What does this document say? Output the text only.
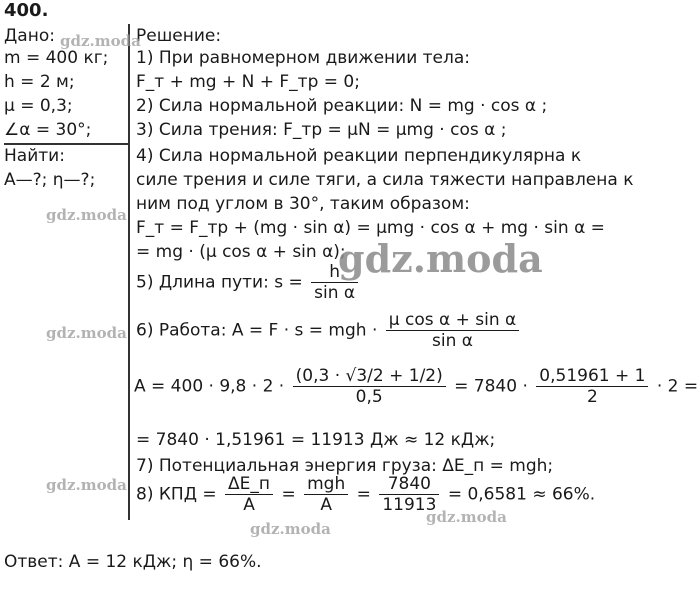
400.
Дано:
m = 400 кг;
h = 2 м;
μ = 0,3;
∠α = 30°;
Найти:
A—?; η—?;
Решение:
1) При равномерном движении тела:
F_т + mg + N + F_тр = 0;
2) Сила нормальной реакции: N = mg · cos α ;
3) Сила трения: F_тр = μN = μmg · cos α ;
4) Сила нормальной реакции перпендикулярна к
силе трения и силе тяги, а сила тяжести направлена к
ним под углом в 30°, таким образом:
F_т = F_тр + (mg · sin α) = μmg · cos α + mg · sin α =
= mg · (μ cos α + sin α);
5) Длина пути: $s = \frac{h}{\text{sin α}}$
6) Работа: A = F · s = mgh · $\frac{\text{μ cos α + sin α}}{\text{sin α}}$
$A = 400 \cdot 9,8 \cdot 2 \cdot \frac{(0,3 \cdot √3/2 + 1/2)}{0,5} = 7840 \cdot \frac{0,51961 + 1}{2} \cdot 2$ =
= 7840 · 1,51961 = 11913 Дж ≈ 12 кДж;
7) Потенциальная энергия груза: ΔE_п = mgh;
8) КПД = $\frac{\Delta E\_п}{A} = \frac{\text{mgh}}{A} = \frac{7840}{11913} = 0,6581 \approx 66\%$.
Ответ: A = 12 кДж; η = 66%.
gdz.moda
gdz.moda
gdz.moda
gdz.moda
gdz.moda
gdz.moda
gdz.moda
